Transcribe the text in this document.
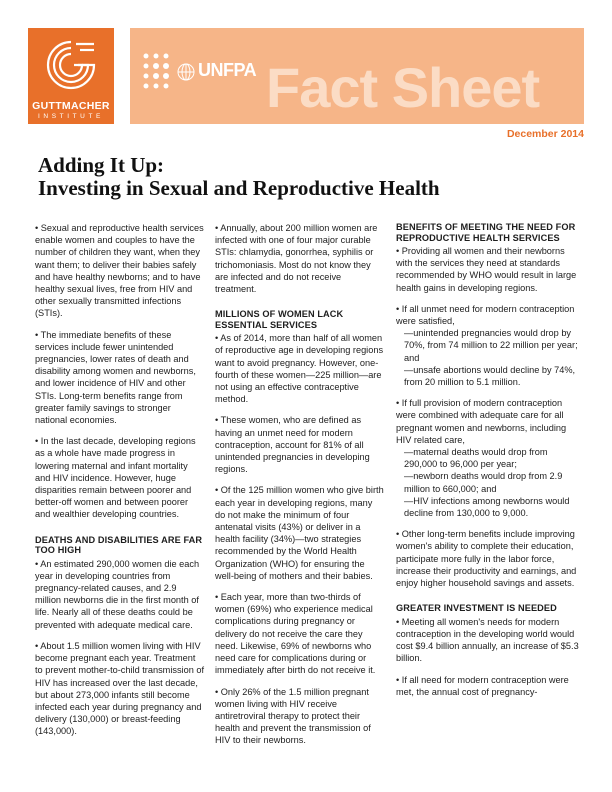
GUTTMACHER
INSTITUTE
UNFPA Fact Sheet
December 2014
Adding It Up:
Investing in Sexual and Reproductive Health

• Sexual and reproductive health services enable women and couples to have the number of children they want, when they want them; to deliver their babies safely and have healthy newborns; and to have healthy sexual lives, free from HIV and other sexually transmitted infections (STIs).

• The immediate benefits of these services include fewer unintended pregnancies, lower rates of death and disability among women and newborns, and lower incidence of HIV and other STIs. Long-term benefits range from greater family savings to stronger national economies.

• In the last decade, developing regions as a whole have made progress in lowering maternal and infant mortality and HIV incidence. However, huge disparities remain between poorer and better-off women and between poorer and wealthier developing countries.

DEATHS AND DISABILITIES ARE FAR TOO HIGH

• An estimated 290,000 women die each year in developing countries from pregnancy-related causes, and 2.9 million newborns die in the first month of life. Nearly all of these deaths could be prevented with adequate medical care.

• About 1.5 million women living with HIV become pregnant each year. Treatment to prevent mother-to-child transmission of HIV has increased over the last decade, but about 273,000 infants still become infected each year during pregnancy and delivery (130,000) or breast-feeding (143,000).

• Annually, about 200 million women are infected with one of four major curable STIs: chlamydia, gonorrhea, syphilis or trichomoniasis. Most do not know they are infected and do not receive treatment.

MILLIONS OF WOMEN LACK ESSENTIAL SERVICES

• As of 2014, more than half of all women of reproductive age in developing regions want to avoid pregnancy. However, one-fourth of these women—225 million—are not using an effective contraceptive method.

• These women, who are defined as having an unmet need for modern contraception, account for 81% of all unintended pregnancies in developing regions.

• Of the 125 million women who give birth each year in developing regions, many do not make the minimum of four antenatal visits (43%) or deliver in a health facility (34%)—two strategies recommended by the World Health Organization (WHO) for ensuring the well-being of mothers and their babies.

• Each year, more than two-thirds of women (69%) who experience medical complications during pregnancy or delivery do not receive the care they need. Likewise, 69% of newborns who need care for complications during or immediately after birth do not receive it.

• Only 26% of the 1.5 million pregnant women living with HIV receive antiretroviral therapy to protect their health and prevent the transmission of HIV to their newborns.

BENEFITS OF MEETING THE NEED FOR REPRODUCTIVE HEALTH SERVICES

• Providing all women and their newborns with the services they need at standards recommended by WHO would result in large health gains in developing regions.

• If all unmet need for modern contraception were satisfied,

—unintended pregnancies would drop by 70%, from 74 million to 22 million per year; and

—unsafe abortions would decline by 74%, from 20 million to 5.1 million.

• If full provision of modern contraception were combined with adequate care for all pregnant women and newborns, including HIV related care,

—maternal deaths would drop from 290,000 to 96,000 per year;

—newborn deaths would drop from 2.9 million to 660,000; and

—HIV infections among newborns would decline from 130,000 to 9,000.

• Other long-term benefits include improving women's ability to complete their education, participate more fully in the labor force, increase their productivity and earnings, and enjoy higher household savings and assets.

GREATER INVESTMENT IS NEEDED

• Meeting all women's needs for modern contraception in the developing world would cost $9.4 billion annually, an increase of $5.3 billion.

• If all need for modern contraception were met, the annual cost of pregnancy-
